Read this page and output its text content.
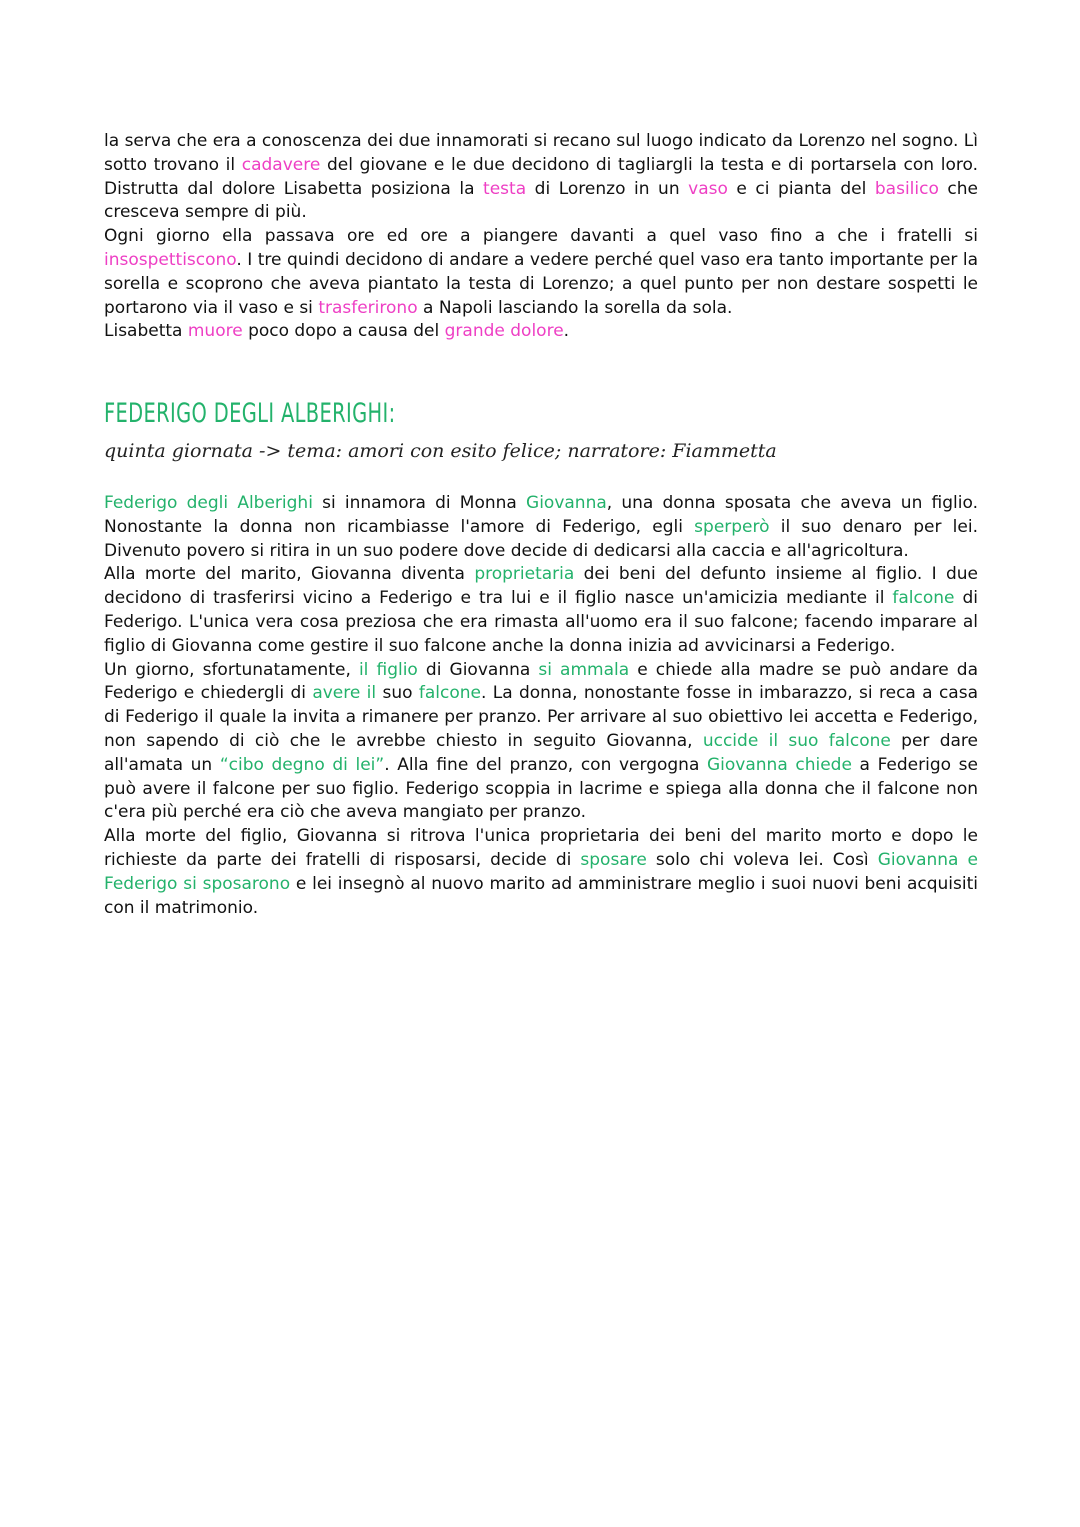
la serva che era a conoscenza dei due innamorati si recano sul luogo indicato da Lorenzo nel sogno. Lì sotto trovano il cadavere del giovane e le due decidono di tagliargli la testa e di portarsela con loro. Distrutta dal dolore Lisabetta posiziona la testa di Lorenzo in un vaso e ci pianta del basilico che cresceva sempre di più.

Ogni giorno ella passava ore ed ore a piangere davanti a quel vaso fino a che i fratelli si insospettiscono. I tre quindi decidono di andare a vedere perché quel vaso era tanto importante per la sorella e scoprono che aveva piantato la testa di Lorenzo; a quel punto per non destare sospetti le portarono via il vaso e si trasferirono a Napoli lasciando la sorella da sola.

Lisabetta muore poco dopo a causa del grande dolore.

FEDERIGO DEGLI ALBERIGHI:

quinta giornata -> tema: amori con esito felice; narratore: Fiammetta

Federigo degli Alberighi si innamora di Monna Giovanna, una donna sposata che aveva un figlio. Nonostante la donna non ricambiasse l'amore di Federigo, egli sperperò il suo denaro per lei. Divenuto povero si ritira in un suo podere dove decide di dedicarsi alla caccia e all'agricoltura.

Alla morte del marito, Giovanna diventa proprietaria dei beni del defunto insieme al figlio. I due decidono di trasferirsi vicino a Federigo e tra lui e il figlio nasce un'amicizia mediante il falcone di Federigo. L'unica vera cosa preziosa che era rimasta all'uomo era il suo falcone; facendo imparare al figlio di Giovanna come gestire il suo falcone anche la donna inizia ad avvicinarsi a Federigo.

Un giorno, sfortunatamente, il figlio di Giovanna si ammala e chiede alla madre se può andare da Federigo e chiedergli di avere il suo falcone. La donna, nonostante fosse in imbarazzo, si reca a casa di Federigo il quale la invita a rimanere per pranzo. Per arrivare al suo obiettivo lei accetta e Federigo, non sapendo di ciò che le avrebbe chiesto in seguito Giovanna, uccide il suo falcone per dare all'amata un “cibo degno di lei”. Alla fine del pranzo, con vergogna Giovanna chiede a Federigo se può avere il falcone per suo figlio. Federigo scoppia in lacrime e spiega alla donna che il falcone non c'era più perché era ciò che aveva mangiato per pranzo.

Alla morte del figlio, Giovanna si ritrova l'unica proprietaria dei beni del marito morto e dopo le richieste da parte dei fratelli di risposarsi, decide di sposare solo chi voleva lei. Così Giovanna e Federigo si sposarono e lei insegnò al nuovo marito ad amministrare meglio i suoi nuovi beni acquisiti con il matrimonio.
